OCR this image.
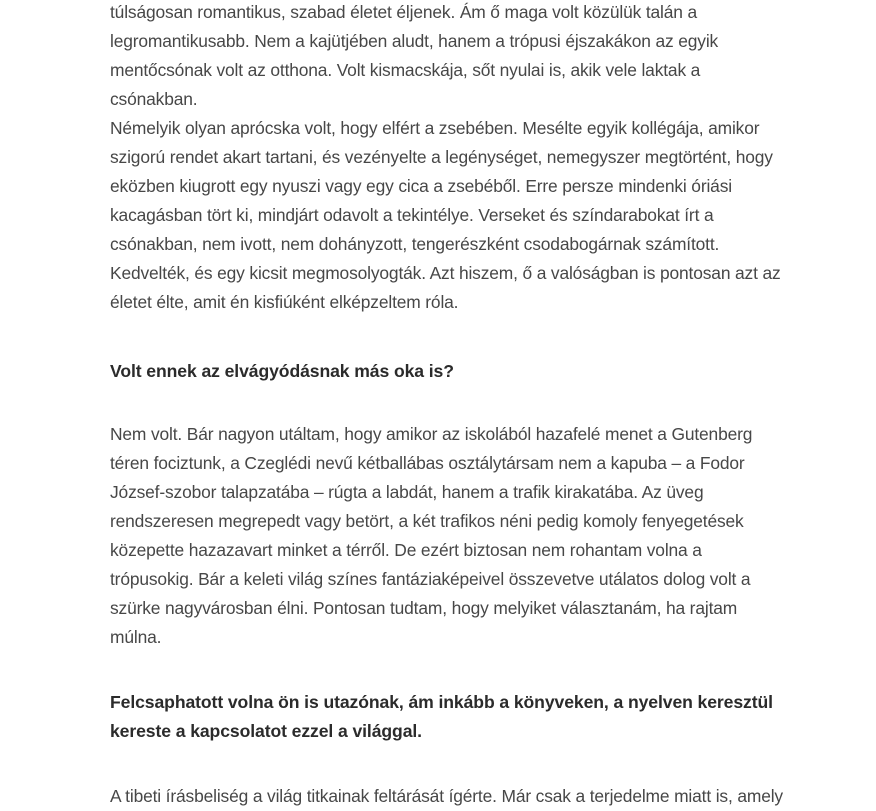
túlságosan romantikus, szabad életet éljenek. Ám ő maga volt közülük talán a
legromantikusabb. Nem a kajütjében aludt, hanem a trópusi éjszakákon az egyik
mentőcsónak volt az otthona. Volt kismacskája, sőt nyulai is, akik vele laktak a csónakban.
Némelyik olyan aprócska volt, hogy elfért a zsebében. Mesélte egyik kollégája, amikor
szigorú rendet akart tartani, és vezényelte a legénységet, nemegyszer megtörtént, hogy
eközben kiugrott egy nyuszi vagy egy cica a zsebéből. Erre persze mindenki óriási
kacagásban tört ki, mindjárt odavolt a tekintélye. Verseket és színdarabokat írt a
csónakban, nem ivott, nem dohányzott, tengerészként csodabogárnak számított.
Kedvelték, és egy kicsit megmosolyogták. Azt hiszem, ő a valóságban is pontosan azt az
életet élte, amit én kisfiúként elképzeltem róla.

Volt ennek az elvágyódásnak más oka is?

Nem volt. Bár nagyon utáltam, hogy amikor az iskolából hazafelé menet a Gutenberg
téren fociztunk, a Czeglédi nevű kétballábas osztálytársam nem a kapuba – a Fodor
József-szobor talapzatába – rúgta a labdát, hanem a trafik kirakatába. Az üveg
rendszeresen megrepedt vagy betört, a két trafikos néni pedig komoly fenyegetések
közepette hazazavart minket a térről. De ezért biztosan nem rohantam volna a
trópusokig. Bár a keleti világ színes fantáziaképeivel összevetve utálatos dolog volt a
szürke nagyvárosban élni. Pontosan tudtam, hogy melyiket választanám, ha rajtam
múlna.

Felcsaphatott volna ön is utazónak, ám inkább a könyveken, a nyelven keresztül
kereste a kapcsolatot ezzel a világgal.

A tibeti írásbeliség a világ titkainak feltárását ígérte. Már csak a terjedelme miatt is, amely
